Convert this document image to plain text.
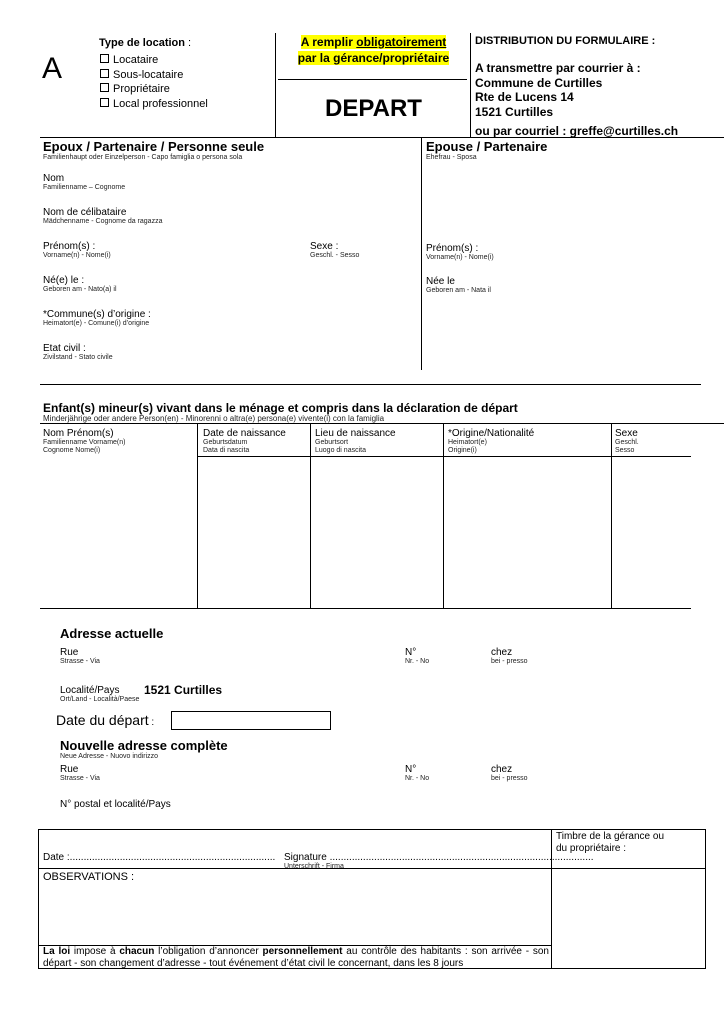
A
Type de location :
Locataire
Sous-locataire
Propriétaire
Local professionnel
A remplir obligatoirement
par la gérance/propriétaire
DEPART
DISTRIBUTION DU FORMULAIRE :
A transmettre par courrier à :
Commune de Curtilles
Rte de Lucens 14
1521 Curtilles
ou par courriel : greffe@curtilles.ch
Epoux / Partenaire / Personne seule
Familienhaupt oder Einzelperson - Capo famiglia o persona sola
Nom
Familienname – Cognome
Nom de célibataire
Mädchenname - Cognome da ragazza
Prénom(s) :
Vorname(n) - Nome(i)
Sexe :
Geschl. - Sesso
Né(e) le :
Geboren am - Nato(a) il
*Commune(s) d’origine :
Heimatort(e) - Comune(i) d’origine
Etat civil :
Zivilstand - Stato civile
Epouse / Partenaire
Ehefrau - Sposa
Prénom(s) :
Vorname(n) - Nome(i)
Née le
Geboren am - Nata il
Enfant(s) mineur(s) vivant dans le ménage et compris dans la déclaration de départ
Minderjährige oder andere Person(en) - Minorenni o altra(e) persona(e) vivente(i) con la famiglia
Nom Prénom(s)
Familienname Vorname(n)
Cognome Nome(i)
Date de naissance
Geburtsdatum
Data di nascita
Lieu de naissance
Geburtsort
Luogo di nascita
*Origine/Nationalité
Heimatort(e)
Origine(i)
Sexe
Geschl.
Sesso
Adresse actuelle
Rue
Strasse - Via
N°
Nr. - No
chez
bei - presso
Localité/Pays
Ort/Land - Località/Paese
1521 Curtilles
Date du départ :
Nouvelle adresse complète
Neue Adresse - Nuovo indirizzo
Rue
Strasse - Via
N°
Nr. - No
chez
bei - presso
N° postal et localité/Pays
Date :.......................................................................... Signature ...............................................................................................
Unterschrift - Firma
Timbre de la gérance ou du propriétaire :
OBSERVATIONS :
La loi impose à chacun l’obligation d’annoncer personnellement au contrôle des habitants : son arrivée - son départ - son changement d’adresse - tout événement d’état civil le concernant, dans les 8 jours
